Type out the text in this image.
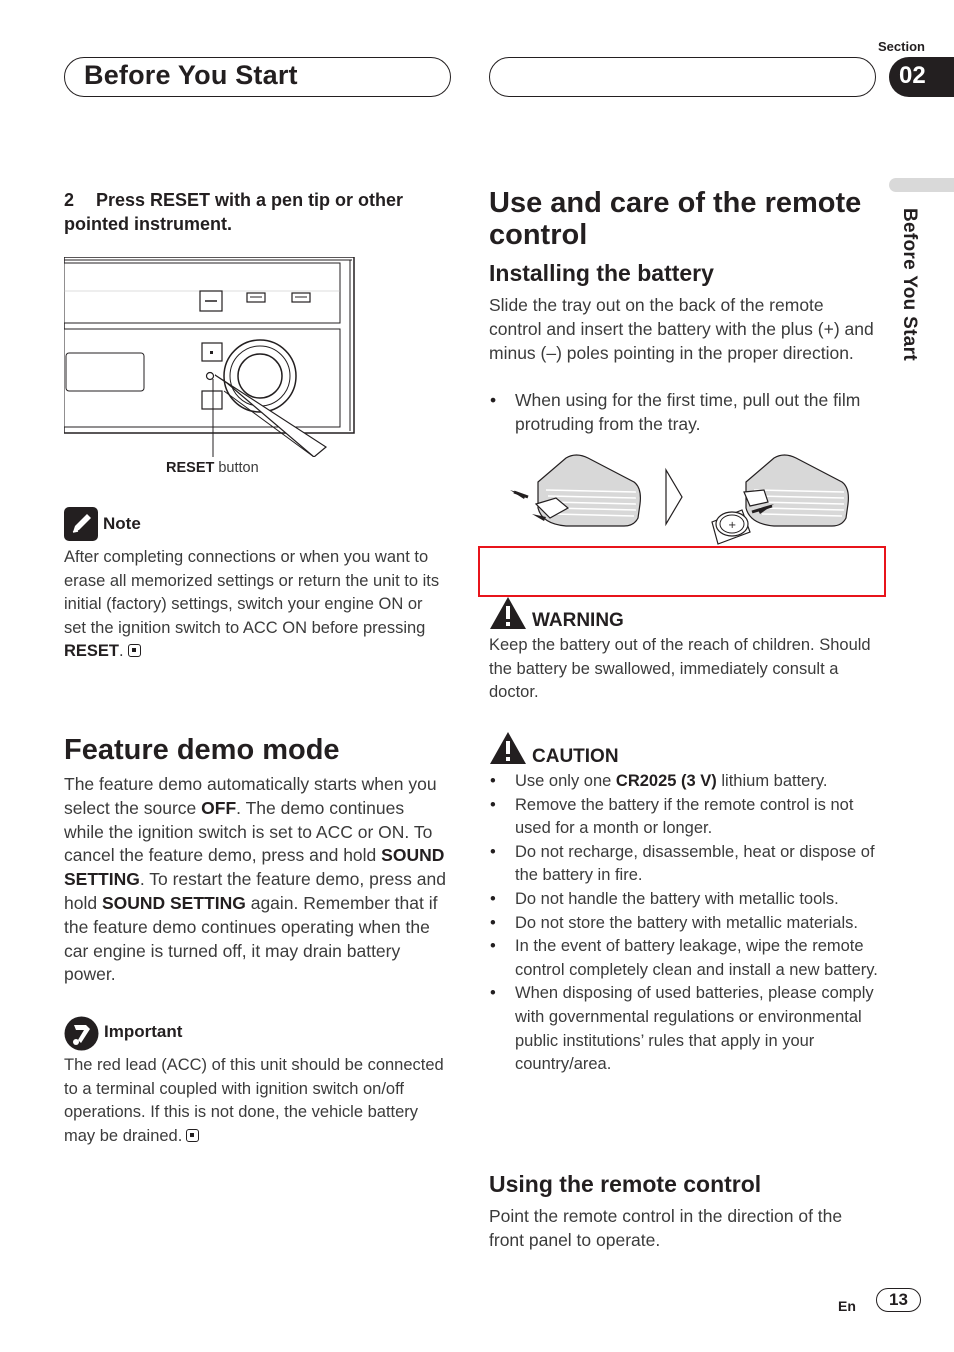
Before You Start
Section
02
Before You Start
2 Press RESET with a pen tip or other pointed instrument.
RESET button
Note
After completing connections or when you want to erase all memorized settings or return the unit to its initial (factory) settings, switch your engine ON or set the ignition switch to ACC ON before pressing RESET.
Feature demo mode
The feature demo automatically starts when you select the source OFF. The demo continues while the ignition switch is set to ACC or ON. To cancel the feature demo, press and hold SOUND SETTING. To restart the feature demo, press and hold SOUND SETTING again. Remember that if the feature demo continues operating when the car engine is turned off, it may drain battery power.
Important
The red lead (ACC) of this unit should be connected to a terminal coupled with ignition switch on/off operations. If this is not done, the vehicle battery may be drained.
Use and care of the remote control
Installing the battery
Slide the tray out on the back of the remote control and insert the battery with the plus (+) and minus (–) poles pointing in the proper direction.
• When using for the first time, pull out the film protruding from the tray.
+
WARNING
Keep the battery out of the reach of children. Should the battery be swallowed, immediately consult a doctor.
CAUTION
• Use only one CR2025 (3 V) lithium battery.
• Remove the battery if the remote control is not used for a month or longer.
• Do not recharge, disassemble, heat or dispose of the battery in fire.
• Do not handle the battery with metallic tools.
• Do not store the battery with metallic materials.
• In the event of battery leakage, wipe the remote control completely clean and install a new battery.
• When disposing of used batteries, please comply with governmental regulations or environmental public institutions’ rules that apply in your country/area.
Using the remote control
Point the remote control in the direction of the front panel to operate.
En	13
